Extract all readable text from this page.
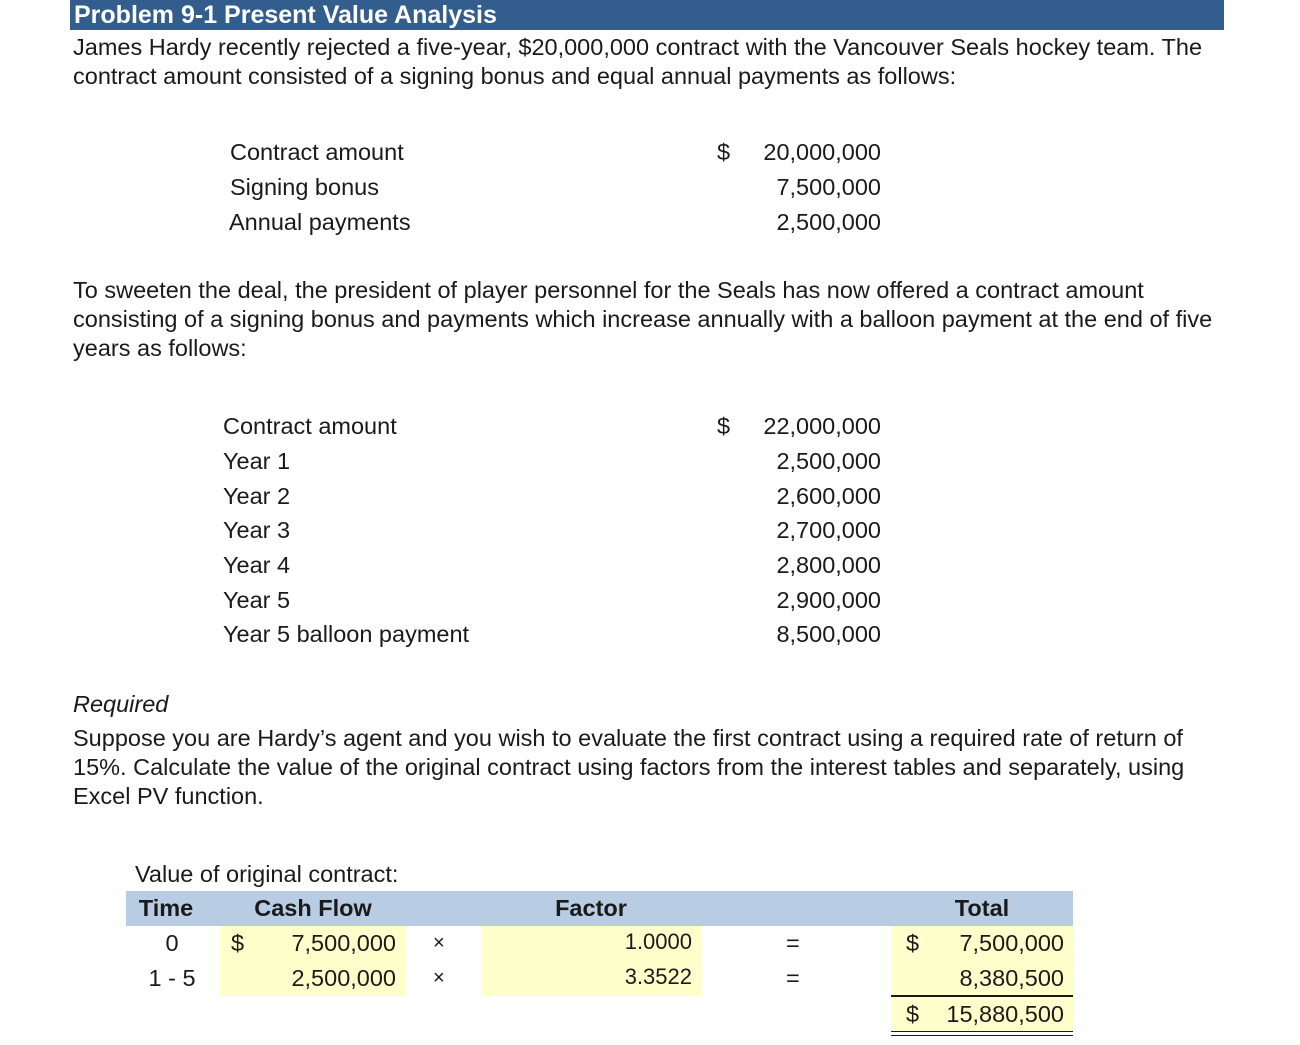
Problem 9-1 Present Value Analysis
James Hardy recently rejected a five-year, $20,000,000 contract with the Vancouver Seals hockey team. The contract amount consisted of a signing bonus and equal annual payments as follows:
Contract amount	$	20,000,000
Signing bonus	7,500,000
Annual payments	2,500,000
To sweeten the deal, the president of player personnel for the Seals has now offered a contract amount consisting of a signing bonus and payments which increase annually with a balloon payment at the end of five years as follows:
Contract amount	$	22,000,000
Year 1	2,500,000
Year 2	2,600,000
Year 3	2,700,000
Year 4	2,800,000
Year 5	2,900,000
Year 5 balloon payment	8,500,000
Required
Suppose you are Hardy’s agent and you wish to evaluate the first contract using a required rate of return of 15%. Calculate the value of the original contract using factors from the interest tables and separately, using Excel PV function.
Value of original contract:
Time	Cash Flow	Factor	Total
0	$	7,500,000 ×	1.0000	=	$	7,500,000
1 - 5	2,500,000 ×	3.3522	=	8,380,500
$	15,880,500
